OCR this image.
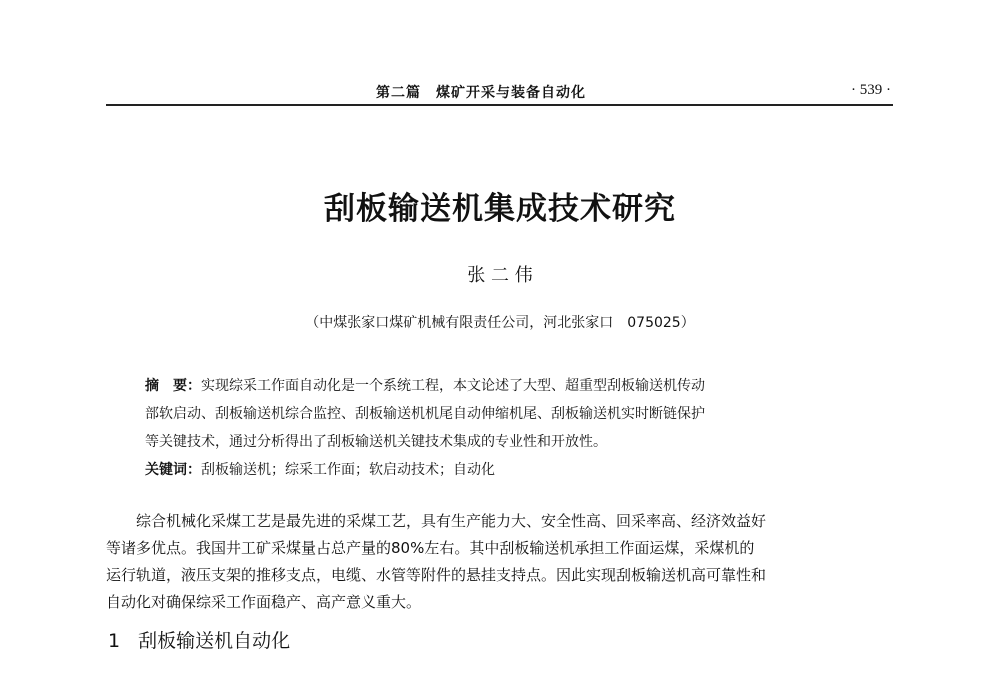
第二篇　煤矿开采与装备自动化	· 539 ·
刮板输送机集成技术研究
张 二 伟
（中煤张家口煤矿机械有限责任公司，河北张家口　075025）
摘　要：实现综采工作面自动化是一个系统工程，本文论述了大型、超重型刮板输送机传动
部软启动、刮板输送机综合监控、刮板输送机机尾自动伸缩机尾、刮板输送机实时断链保护
等关键技术，通过分析得出了刮板输送机关键技术集成的专业性和开放性。
关键词：刮板输送机；综采工作面；软启动技术；自动化
　　综合机械化采煤工艺是最先进的采煤工艺，具有生产能力大、安全性高、回采率高、经济效益好
等诸多优点。我国井工矿采煤量占总产量的80%左右。其中刮板输送机承担工作面运煤，采煤机的
运行轨道，液压支架的推移支点，电缆、水管等附件的悬挂支持点。因此实现刮板输送机高可靠性和
自动化对确保综采工作面稳产、高产意义重大。
1 刮板输送机自动化
